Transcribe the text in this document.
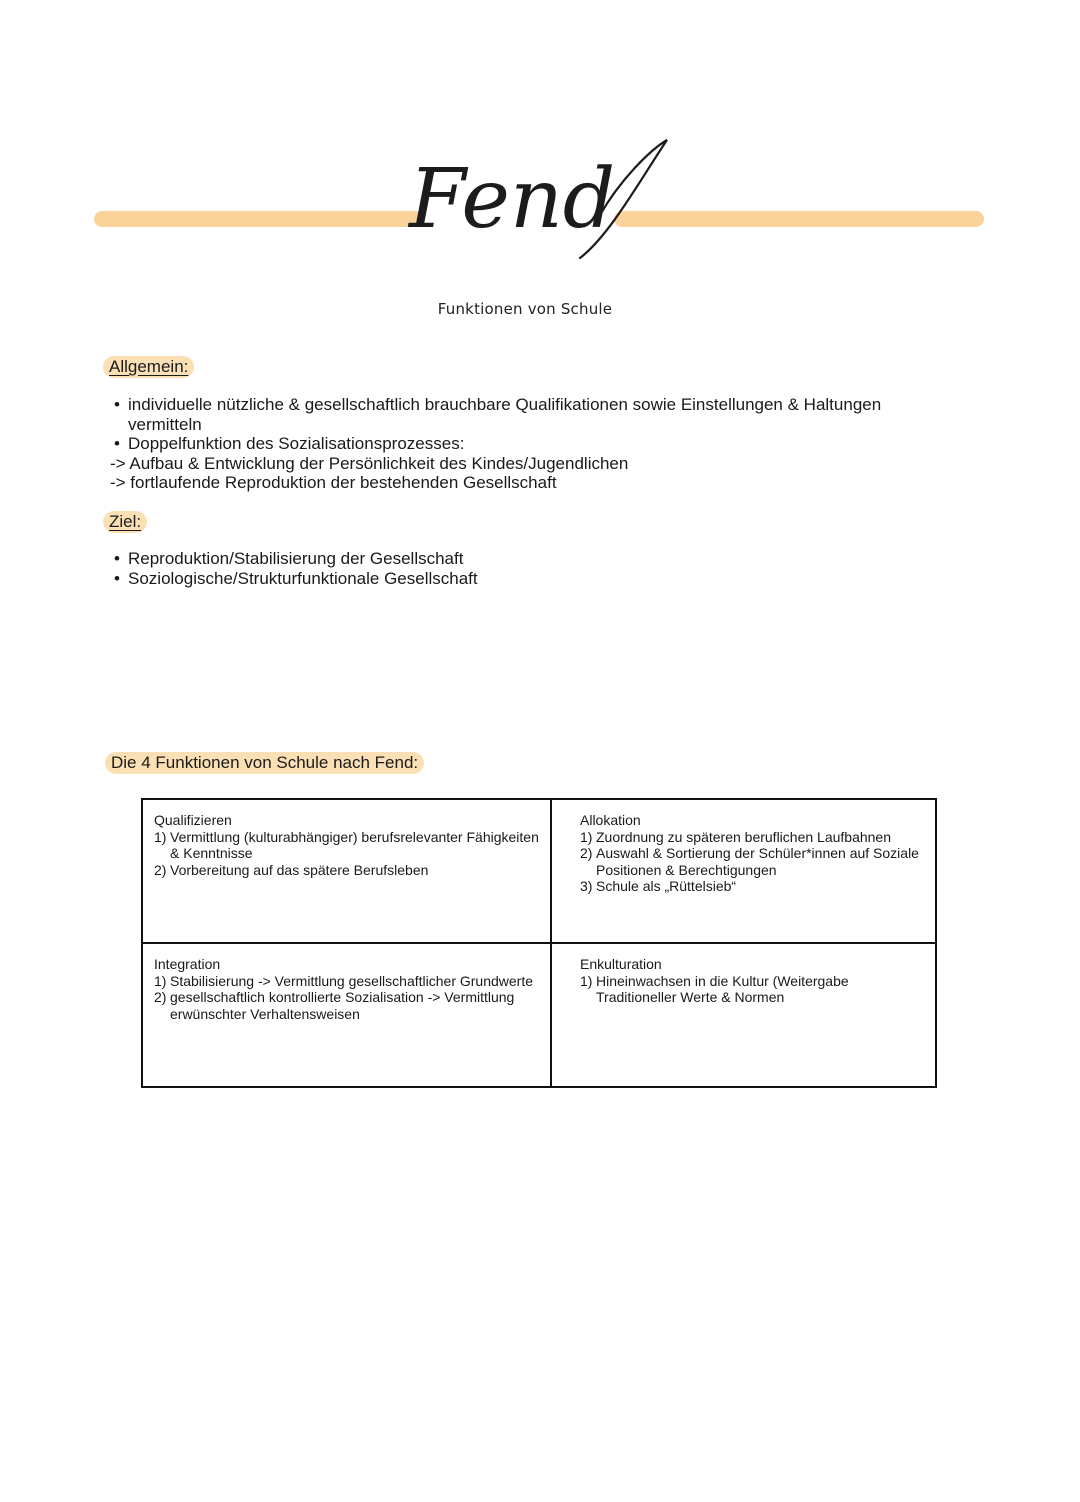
Fend
Funktionen von Schule
Allgemein:
• individuelle nützliche & gesellschaftlich brauchbare Qualifikationen sowie Einstellungen & Haltungen vermitteln
• Doppelfunktion des Sozialisationsprozesses:
-> Aufbau & Entwicklung der Persönlichkeit des Kindes/Jugendlichen
-> fortlaufende Reproduktion der bestehenden Gesellschaft
Ziel:
• Reproduktion/Stabilisierung der Gesellschaft
• Soziologische/Strukturfunktionale Gesellschaft
Die 4 Funktionen von Schule nach Fend:
Qualifizieren
1) Vermittlung (kulturabhängiger) berufsrelevanter Fähigkeiten & Kenntnisse
2) Vorbereitung auf das spätere Berufsleben
Allokation
1) Zuordnung zu späteren beruflichen Laufbahnen
2) Auswahl & Sortierung der Schüler*innen auf Soziale Positionen & Berechtigungen
3) Schule als „Rüttelsieb“
Integration
1) Stabilisierung -> Vermittlung gesellschaftlicher Grundwerte
2) gesellschaftlich kontrollierte Sozialisation -> Vermittlung erwünschter Verhaltensweisen
Enkulturation
1) Hineinwachsen in die Kultur (Weitergabe Traditioneller Werte & Normen
